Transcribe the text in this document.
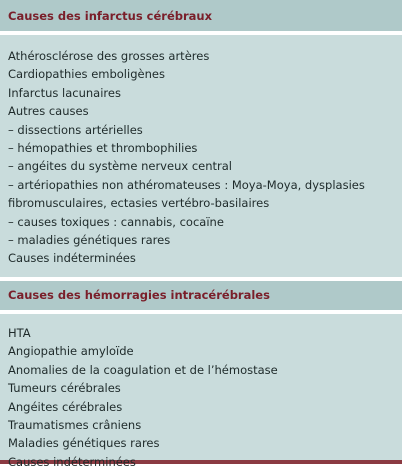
Causes des infarctus cérébraux
Athérosclérose des grosses artères
Cardiopathies emboligènes
Infarctus lacunaires
Autres causes
– dissections artérielles
– hémopathies et thrombophilies
– angéites du système nerveux central
– artériopathies non athéromateuses : Moya-Moya, dysplasies fibromusculaires, ectasies vertébro-basilaires
– causes toxiques : cannabis, cocaïne
– maladies génétiques rares
Causes indéterminées
Causes des hémorragies intracérébrales
HTA
Angiopathie amyloïde
Anomalies de la coagulation et de l’hémostase
Tumeurs cérébrales
Angéites cérébrales
Traumatismes crâniens
Maladies génétiques rares
Causes indéterminées
